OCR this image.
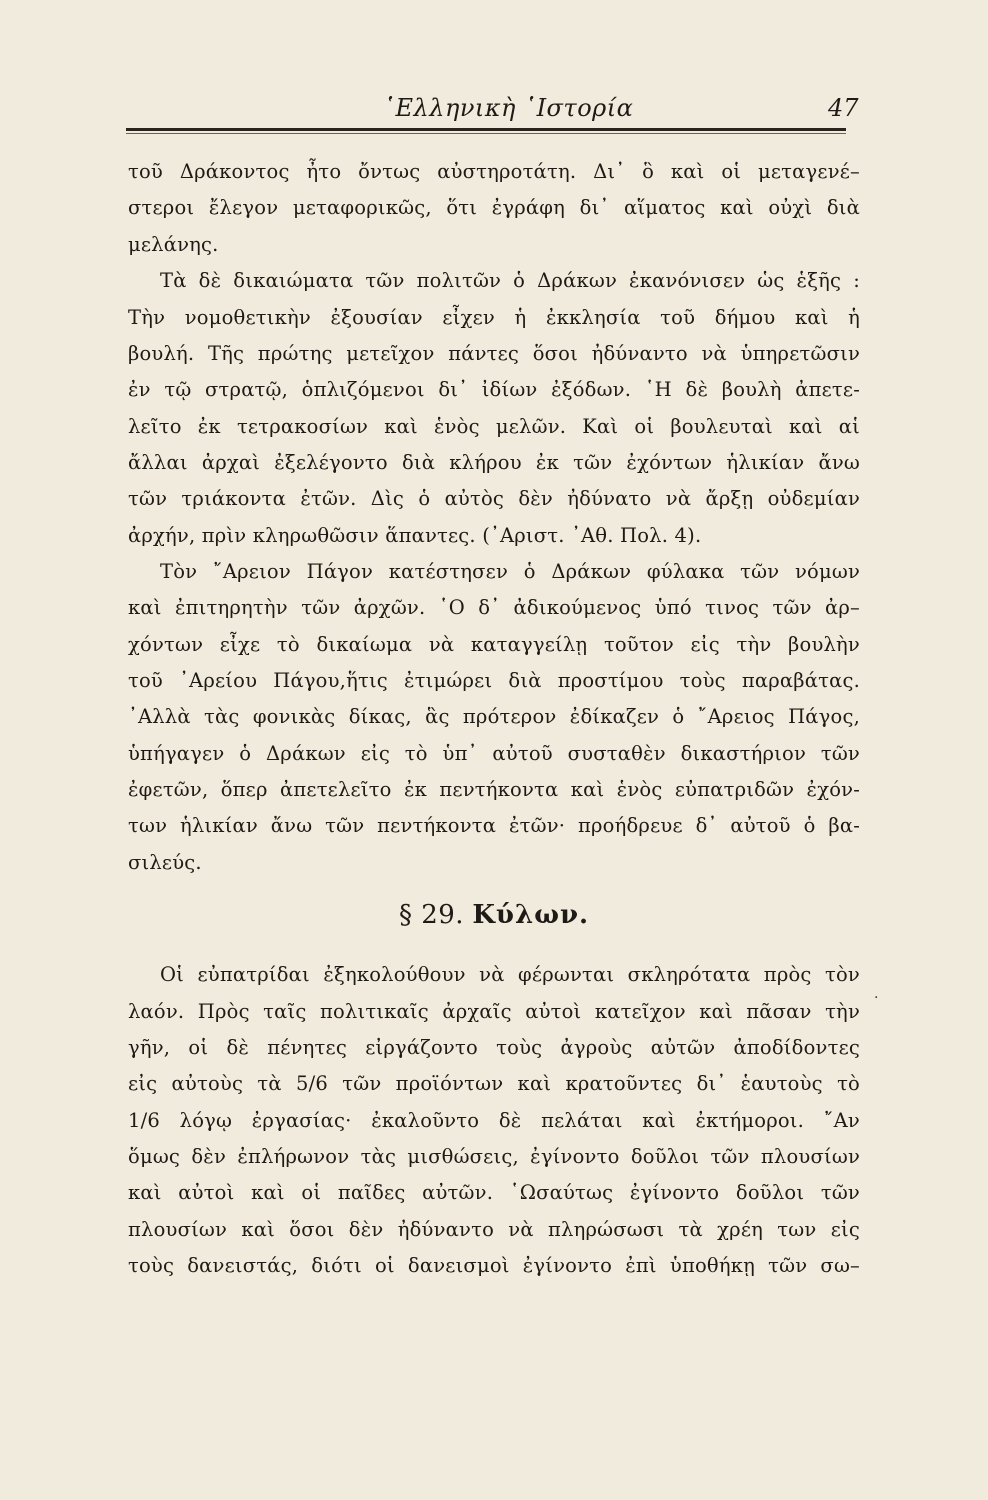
῾Ελληνικὴ ῾Ιστορία	47
τοῦ Δράκοντος ἦτο ὄντως αὐστηροτάτη. Δι᾿ ὃ καὶ οἱ μεταγενέ–
στεροι ἔλεγον μεταφορικῶς, ὅτι ἐγράφη δι᾿ αἵματος καὶ οὐχὶ διὰ
μελάνης.
Τὰ δὲ δικαιώματα τῶν πολιτῶν ὁ Δράκων ἐκανόνισεν ὡς ἑξῆς :
Τὴν νομοθετικὴν ἐξουσίαν εἶχεν ἡ ἐκκλησία τοῦ δήμου καὶ ἡ
βουλή. Τῆς πρώτης μετεῖχον πάντες ὅσοι ἠδύναντο νὰ ὑπηρετῶσιν
ἐν τῷ στρατῷ, ὁπλιζόμενοι δι᾿ ἰδίων ἐξόδων. ῾Η δὲ βουλὴ ἀπετε-
λεῖτο ἐκ τετρακοσίων καὶ ἑνὸς μελῶν. Καὶ οἱ βουλευταὶ καὶ αἱ
ἄλλαι ἀρχαὶ ἐξελέγοντο διὰ κλήρου ἐκ τῶν ἐχόντων ἡλικίαν ἄνω
τῶν τριάκοντα ἐτῶν. Δὶς ὁ αὐτὸς δὲν ἠδύνατο νὰ ἄρξῃ οὐδεμίαν
ἀρχήν, πρὶν κληρωθῶσιν ἅπαντες. (᾿Αριστ. ᾿Αθ. Πολ. 4).
Τὸν ῎Αρειον Πάγον κατέστησεν ὁ Δράκων φύλακα τῶν νόμων
καὶ ἐπιτηρητὴν τῶν ἀρχῶν. ῾Ο δ᾿ ἀδικούμενος ὑπό τινος τῶν ἀρ–
χόντων εἶχε τὸ δικαίωμα νὰ καταγγείλῃ τοῦτον εἰς τὴν βουλὴν
τοῦ ᾿Αρείου Πάγου,ἥτις ἐτιμώρει διὰ προστίμου τοὺς παραβάτας.
᾿Αλλὰ τὰς φονικὰς δίκας, ἃς πρότερον ἐδίκαζεν ὁ ῎Αρειος Πάγος,
ὑπήγαγεν ὁ Δράκων εἰς τὸ ὑπ᾿ αὐτοῦ συσταθὲν δικαστήριον τῶν
ἐφετῶν, ὅπερ ἀπετελεῖτο ἐκ πεντήκοντα καὶ ἑνὸς εὐπατριδῶν ἐχόν-
των ἡλικίαν ἄνω τῶν πεντήκοντα ἐτῶν· προήδρευε δ᾿ αὐτοῦ ὁ βα-
σιλεύς.
Οἱ εὐπατρίδαι ἐξηκολούθουν νὰ φέρωνται σκληρότατα πρὸς τὸν
λαόν. Πρὸς ταῖς πολιτικαῖς ἀρχαῖς αὐτοὶ κατεῖχον καὶ πᾶσαν τὴν
γῆν, οἱ δὲ πένητες εἰργάζοντο τοὺς ἀγροὺς αὐτῶν ἀποδίδοντες
εἰς αὐτοὺς τὰ 5/6 τῶν προϊόντων καὶ κρατοῦντες δι᾿ ἑαυτοὺς τὸ
1/6 λόγῳ ἐργασίας· ἐκαλοῦντο δὲ πελάται καὶ ἐκτήμοροι. ῎Αν
ὅμως δὲν ἐπλήρωνον τὰς μισθώσεις, ἐγίνοντο δοῦλοι τῶν πλουσίων
καὶ αὐτοὶ καὶ οἱ παῖδες αὐτῶν. ῾Ωσαύτως ἐγίνοντο δοῦλοι τῶν
πλουσίων καὶ ὅσοι δὲν ἠδύναντο νὰ πληρώσωσι τὰ χρέη των εἰς
τοὺς δανειστάς, διότι οἱ δανεισμοὶ ἐγίνοντο ἐπὶ ὑποθήκῃ τῶν σω–
§ 29. Κύλων.
·
